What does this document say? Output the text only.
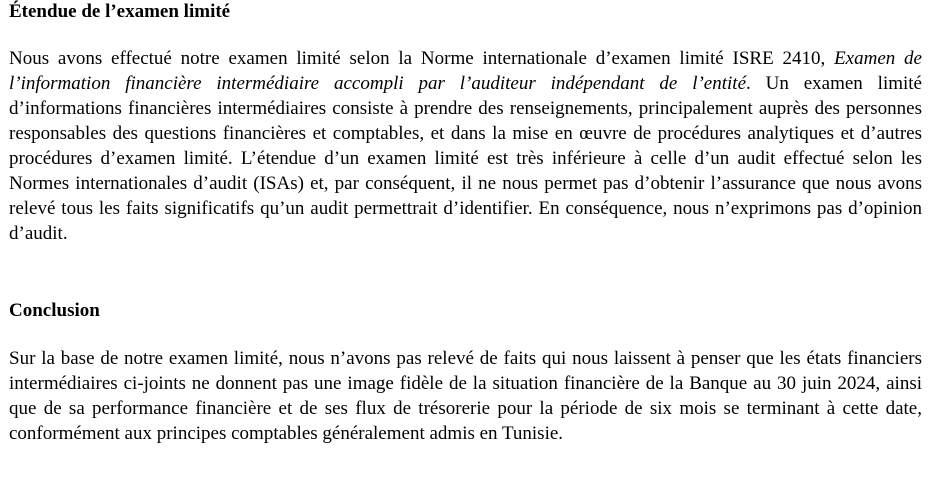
Étendue de l’examen limité

Nous avons effectué notre examen limité selon la Norme internationale d’examen limité ISRE 2410, Examen de l’information financière intermédiaire accompli par l’auditeur indépendant de l’entité. Un examen limité d’informations financières intermédiaires consiste à prendre des renseignements, principalement auprès des personnes responsables des questions financières et comptables, et dans la mise en œuvre de procédures analytiques et d’autres procédures d’examen limité. L’étendue d’un examen limité est très inférieure à celle d’un audit effectué selon les Normes internationales d’audit (ISAs) et, par conséquent, il ne nous permet pas d’obtenir l’assurance que nous avons relevé tous les faits significatifs qu’un audit permettrait d’identifier. En conséquence, nous n’exprimons pas d’opinion d’audit.

Conclusion

Sur la base de notre examen limité, nous n’avons pas relevé de faits qui nous laissent à penser que les états financiers intermédiaires ci-joints ne donnent pas une image fidèle de la situation financière de la Banque au 30 juin 2024, ainsi que de sa performance financière et de ses flux de trésorerie pour la période de six mois se terminant à cette date, conformément aux principes comptables généralement admis en Tunisie.
